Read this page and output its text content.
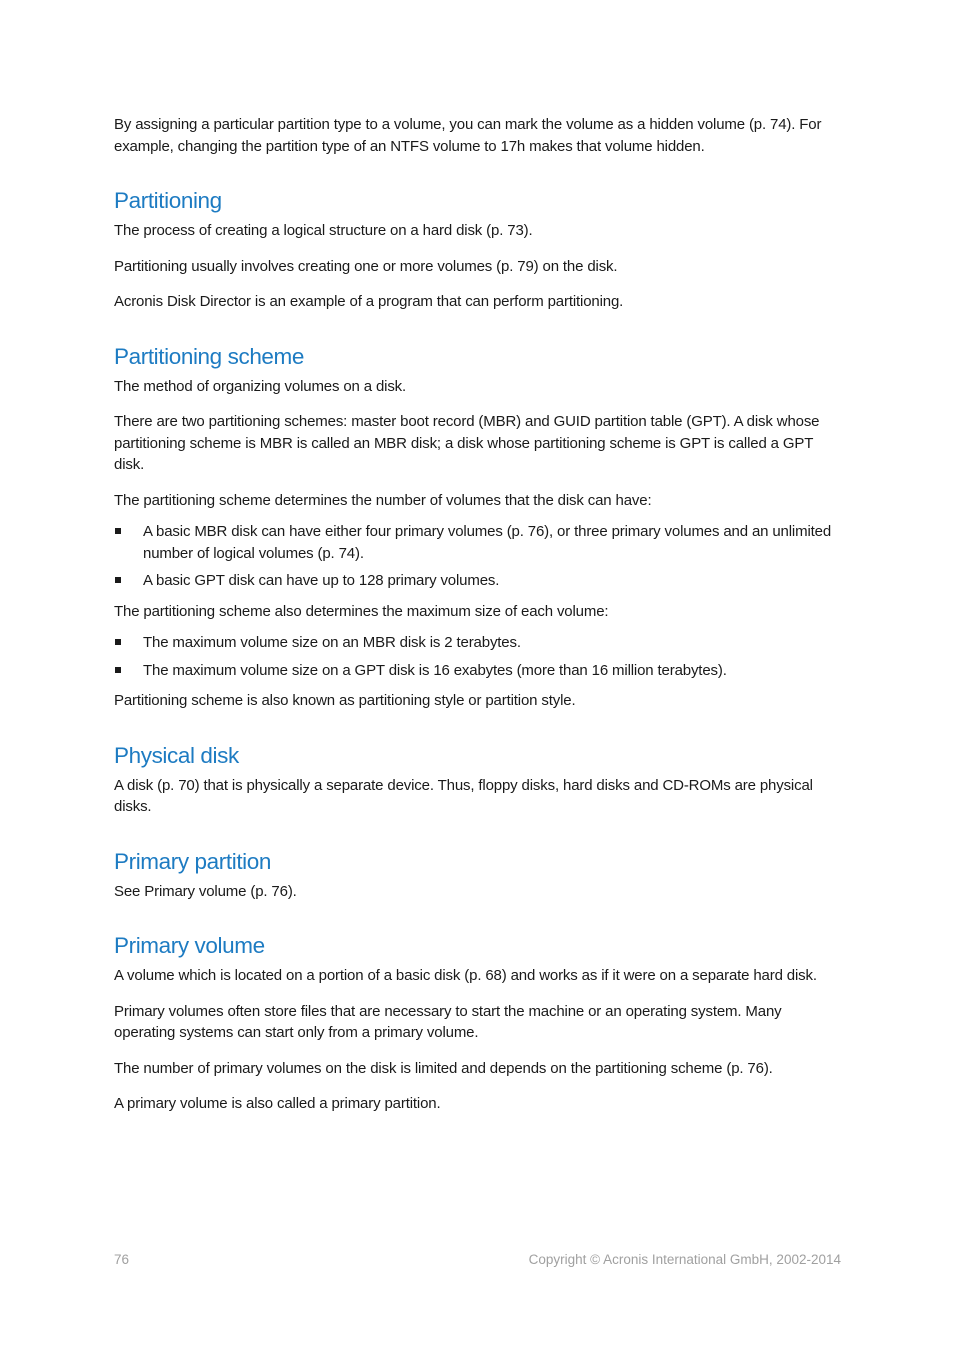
By assigning a particular partition type to a volume, you can mark the volume as a hidden volume (p. 74). For example, changing the partition type of an NTFS volume to 17h makes that volume hidden.

Partitioning

The process of creating a logical structure on a hard disk (p. 73).

Partitioning usually involves creating one or more volumes (p. 79) on the disk.

Acronis Disk Director is an example of a program that can perform partitioning.

Partitioning scheme

The method of organizing volumes on a disk.

There are two partitioning schemes: master boot record (MBR) and GUID partition table (GPT). A disk whose partitioning scheme is MBR is called an MBR disk; a disk whose partitioning scheme is GPT is called a GPT disk.

The partitioning scheme determines the number of volumes that the disk can have:

A basic MBR disk can have either four primary volumes (p. 76), or three primary volumes and an unlimited number of logical volumes (p. 74).
A basic GPT disk can have up to 128 primary volumes.

The partitioning scheme also determines the maximum size of each volume:

The maximum volume size on an MBR disk is 2 terabytes.
The maximum volume size on a GPT disk is 16 exabytes (more than 16 million terabytes).

Partitioning scheme is also known as partitioning style or partition style.

Physical disk

A disk (p. 70) that is physically a separate device. Thus, floppy disks, hard disks and CD-ROMs are physical disks.

Primary partition

See Primary volume (p. 76).

Primary volume

A volume which is located on a portion of a basic disk (p. 68) and works as if it were on a separate hard disk.

Primary volumes often store files that are necessary to start the machine or an operating system. Many operating systems can start only from a primary volume.

The number of primary volumes on the disk is limited and depends on the partitioning scheme (p. 76).

A primary volume is also called a primary partition.

76	Copyright © Acronis International GmbH, 2002-2014
